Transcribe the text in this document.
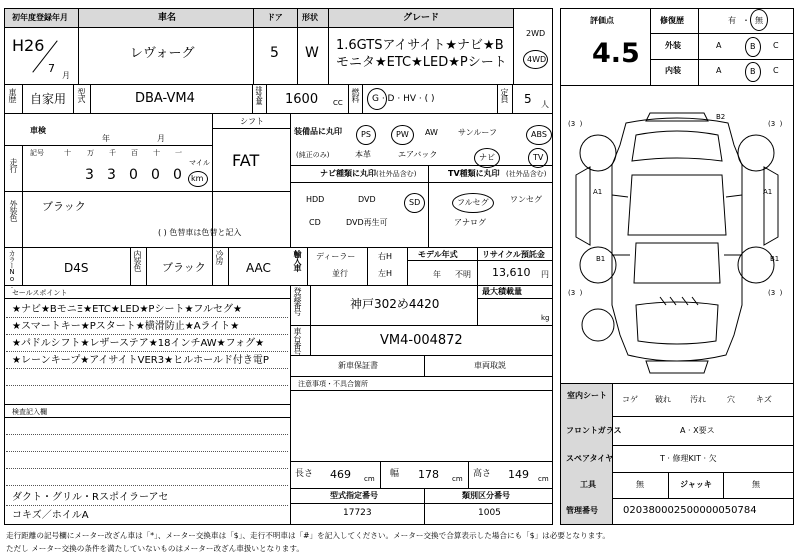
初年度登録年月
H26
7
月
車名
レヴォーグ
ドア
5
形状
W
グレード
1.6GTSアイサイト★ナビ★B
モニタ★ETC★LED★Pシート
2WD
4WD
車歴 自家用 型式	DBA-VM4	排気量 1600 CC
燃料 G · D · HV · ( )	定員 5 人
車検
年	月
シフト
FAT
走行
記号	十 万 千 百 十 一
3 3 0 0 0
マイル
km
装備品に丸印
(純正のみ)
PS	PW	AW	サンルーフ	ABS
本革	エアバック	ナビ	TV
外装色 ブラック
( ) 色替車は色替と記入
ナビ種類に丸印 (社外品含む)	TV種類に丸印 (社外品含む)
HDD	DVD	SD
CD	DVD再生可
フルセグ	ワンセグ
アナログ
カラーNo.	D4S	内装色 ブラック
冷房
AAC	輸入車 ディーラー
並行
右H
左H
モデル年式
年 不明
リサイクル預託金
13,610 円
セールスポイント
★ナビ★BモニΞ★ETC★LED★Pシート★フルセグ★
★スマートキー★Pスタート★横滑防止★Aライト★
★パドルシフト★レザーステア★18インチAW★フォグ★
★レーンキープ★アイサイトVER3★ヒルホールド付き電P
検査記入欄
ダクト・グリル・Rスポイラーアセ
コキズ／ホイルA
登録番号	神戸302め4420
最大積載量
kg
車台番号	VM4-004872
新車保証書	車両取説
注意事項・不具合箇所
長さ 469 cm 幅 178 cm 高さ 149 cm
型式指定番号
17723
類別区分番号
1005
評価点
4.5
修復歴	有 ・ 無
外装
内装
A	B	C
A	B	C
B2
A1	A1
B1	B1
(3  )	(3  )
(3  )	(3  )
室内シート コゲ 破れ 汚れ	穴	キズ
フロントガラス	A · X要ス
スペアタイヤ	T · 修理KIT · 欠
工具	無	ジャッキ	無
管理番号	020380002500000050784
走行距離の記号欄にメーター改ざん車は「*」、メーター交換車は「$」、走行不明車は「#」を記入してください。メーター交換で合算表示した場合にも「$」は必要となります。
ただし メーター交換の条件を満たしていないものはメーター改ざん車扱いとなります。
